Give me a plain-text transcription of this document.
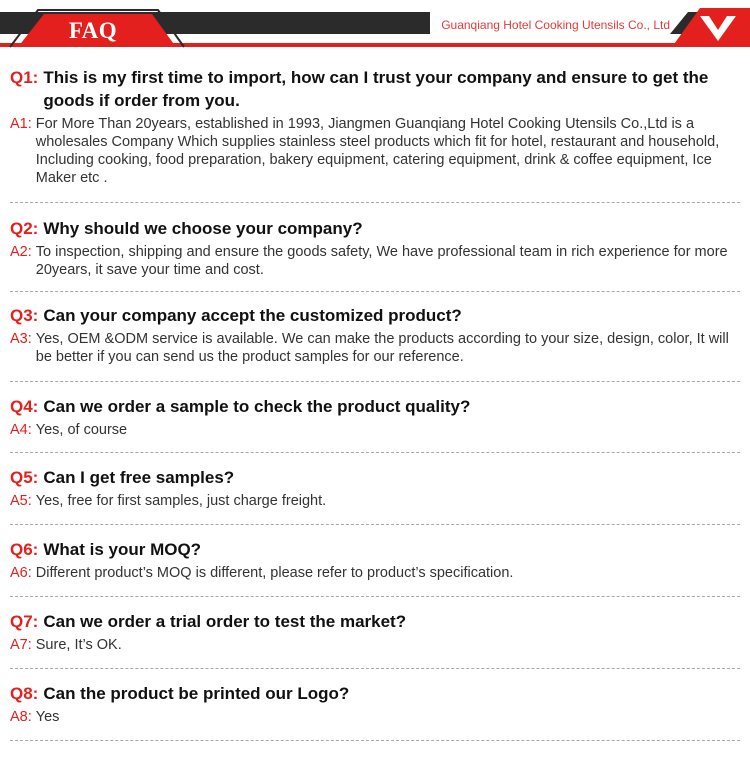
FAQ	Guanqiang Hotel Cooking Utensils Co., Ltd
Q1: This is my first time to import, how can I trust your company and ensure to get the goods if order from you.
A1: For More Than 20years, established in 1993, Jiangmen Guanqiang Hotel Cooking Utensils Co.,Ltd is a wholesales Company Which supplies stainless steel products which fit for hotel, restaurant and household, Including cooking, food preparation, bakery equipment, catering equipment, drink & coffee equipment, Ice Maker etc .
Q2: Why should we choose your company?
A2: To inspection, shipping and ensure the goods safety, We have professional team in rich experience for more 20years, it save your time and cost.
Q3: Can your company accept the customized product?
A3: Yes, OEM &ODM service is available. We can make the products according to your size, design, color, It will be better if you can send us the product samples for our reference.
Q4: Can we order a sample to check the product quality?
A4: Yes, of course
Q5: Can I get free samples?
A5: Yes, free for first samples, just charge freight.
Q6: What is your MOQ?
A6: Different product’s MOQ is different, please refer to product’s specification.
Q7: Can we order a trial order to test the market?
A7: Sure, It’s OK.
Q8: Can the product be printed our Logo?
A8: Yes
